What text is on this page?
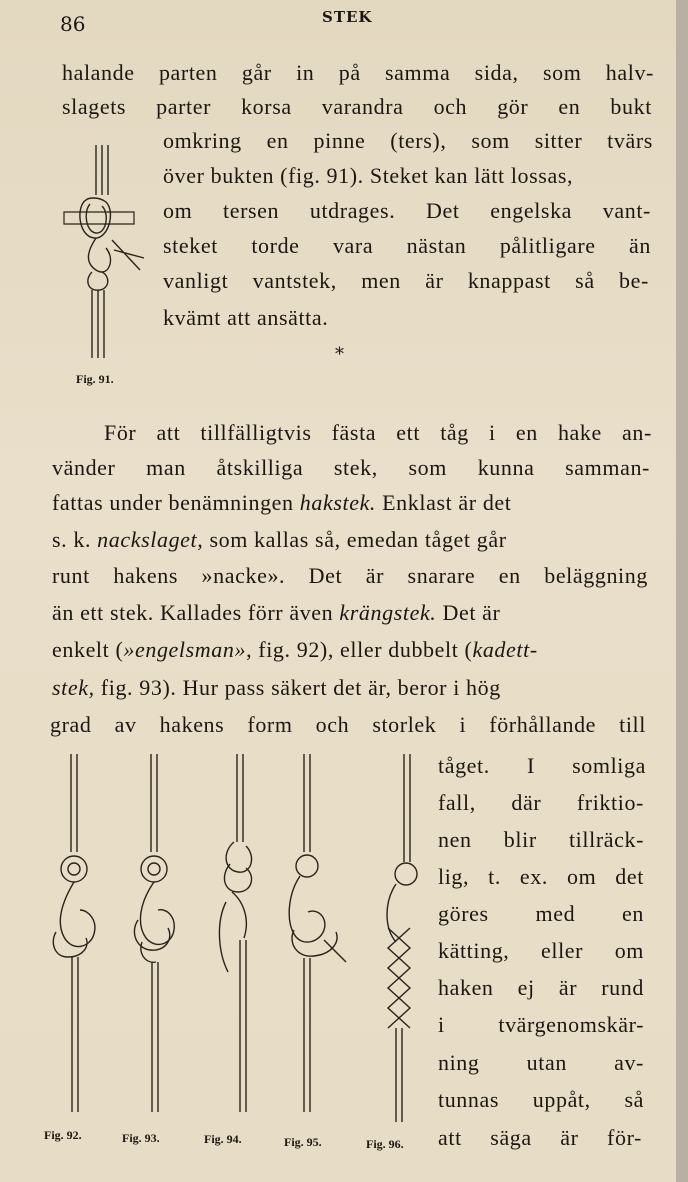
86	STEK
halande parten går in på samma sida, som halv-
slagets parter korsa varandra och gör en bukt
omkring en pinne (ters), som sitter tvärs
över bukten (fig. 91). Steket kan lätt lossas,
om tersen utdrages. Det engelska vant-
steket torde vara nästan pålitligare än
vanligt vantstek, men är knappast så be-
kvämt att ansätta.
*
Fig. 91.
För att tillfälligtvis fästa ett tåg i en hake an-
vänder man åtskilliga stek, som kunna samman-
fattas under benämningen hakstek. Enklast är det
s. k. nackslaget, som kallas så, emedan tåget går
runt hakens »nacke». Det är snarare en beläggning
än ett stek. Kallades förr även krängstek. Det är
enkelt (»engelsman», fig. 92), eller dubbelt (kadett-
stek, fig. 93). Hur pass säkert det är, beror i hög
grad av hakens form och storlek i förhållande till
tåget. I somliga
fall, där friktio-
nen blir tillräck-
lig, t. ex. om det
göres med en
kätting, eller om
haken ej är rund
i tvärgenomskär-
ning utan av-
tunnas uppåt, så
att säga är för-
Fig. 92.	Fig. 93.	Fig. 94.	Fig. 95.	Fig. 96.
